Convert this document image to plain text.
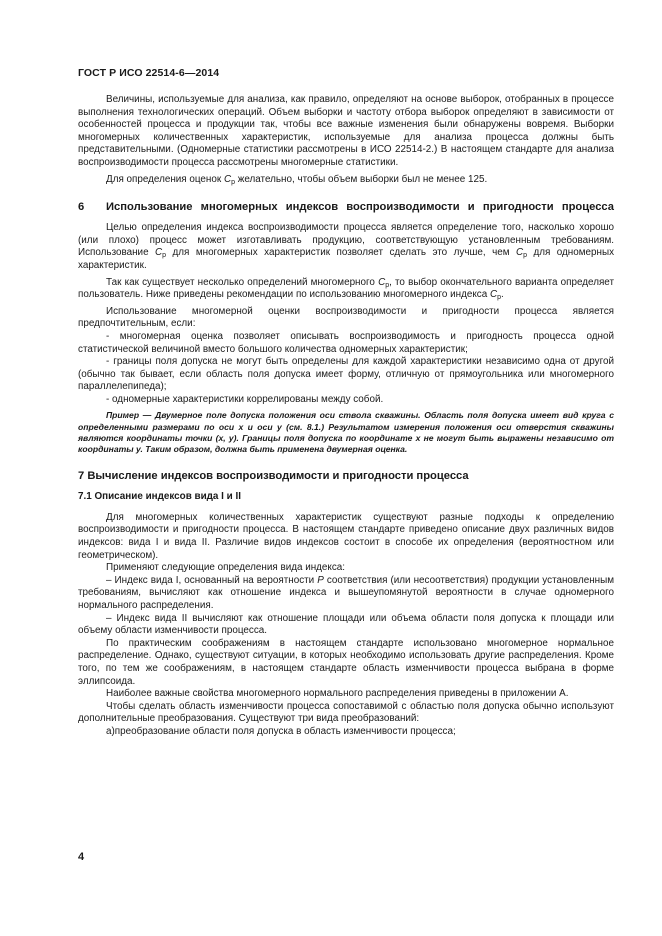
ГОСТ Р ИСО 22514-6—2014

Величины, используемые для анализа, как правило, определяют на основе выборок, отобранных в процессе выполнения технологических операций. Объем выборки и частоту отбора выборок определяют в зависимости от особенностей процесса и продукции так, чтобы все важные изменения были обнаружены вовремя. Выборки многомерных количественных характеристик, используемые для анализа процесса должны быть представительными. (Одномерные статистики рассмотрены в ИСО 22514-2.) В настоящем стандарте для анализа воспроизводимости процесса рассмотрены многомерные статистики.

Для определения оценок $C_p$ желательно, чтобы объем выборки был не менее 125.

6 Использование многомерных индексов воспроизводимости и пригодности процесса

Целью определения индекса воспроизводимости процесса является определение того, насколько хорошо (или плохо) процесс может изготавливать продукцию, соответствующую установленным требованиям. Использование $C_p$ для многомерных характеристик позволяет сделать это лучше, чем $C_p$ для одномерных характеристик.

Так как существует несколько определений многомерного $C_p$, то выбор окончательного варианта определяет пользователь. Ниже приведены рекомендации по использованию многомерного индекса $C_p$.

Использование многомерной оценки воспроизводимости и пригодности процесса является предпочтительным, если:

- многомерная оценка позволяет описывать воспроизводимость и пригодность процесса одной статистической величиной вместо большого количества одномерных характеристик;

- границы поля допуска не могут быть определены для каждой характеристики независимо одна от другой (обычно так бывает, если область поля допуска имеет форму, отличную от прямоугольника или многомерного параллелепипеда);

- одномерные характеристики коррелированы между собой.

Пример — Двумерное поле допуска положения оси ствола скважины. Область поля допуска имеет вид круга с определенными размерами по оси x и оси y (см. 8.1.) Результатом измерения положения оси отверстия скважины являются координаты точки (x, y). Границы поля допуска по координате x не могут быть выражены независимо от координаты y. Таким образом, должна быть применена двумерная оценка.
7 Вычисление индексов воспроизводимости и пригодности процесса
7.1 Описание индексов вида I и II

Для многомерных количественных характеристик существуют разные подходы к определению воспроизводимости и пригодности процесса. В настоящем стандарте приведено описание двух различных видов индексов: вида I и вида II. Различие видов индексов состоит в способе их определения (вероятностном или геометрическом).

Применяют следующие определения вида индекса:

– Индекс вида I, основанный на вероятности P соответствия (или несоответствия) продукции установленным требованиям, вычисляют как отношение индекса и вышеупомянутой вероятности в случае одномерного нормального распределения.

– Индекс вида II вычисляют как отношение площади или объема области поля допуска к площади или объему области изменчивости процесса.

По практическим соображениям в настоящем стандарте использовано многомерное нормальное распределение. Однако, существуют ситуации, в которых необходимо использовать другие распределения. Кроме того, по тем же соображениям, в настоящем стандарте область изменчивости процесса выбрана в форме эллипсоида.

Наиболее важные свойства многомерного нормального распределения приведены в приложении А.

Чтобы сделать область изменчивости процесса сопоставимой с областью поля допуска обычно используют дополнительные преобразования. Существуют три вида преобразований:

а)преобразование области поля допуска в область изменчивости процесса;

4
